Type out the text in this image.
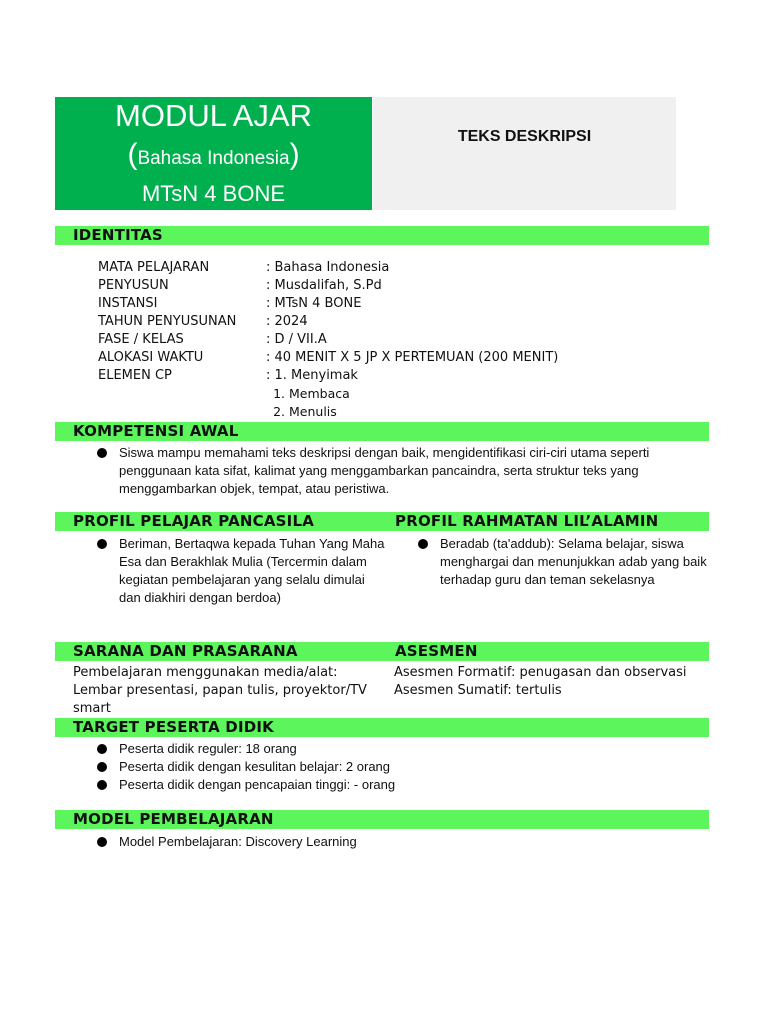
MODUL AJAR
(Bahasa Indonesia)
MTsN 4 BONE
TEKS DESKRIPSI
IDENTITAS
MATA PELAJARAN	: Bahasa Indonesia
PENYUSUN	: Musdalifah, S.Pd
INSTANSI	: MTsN 4 BONE
TAHUN PENYUSUNAN	: 2024
FASE / KELAS	: D / VII.A
ALOKASI WAKTU	: 40 MENIT X 5 JP X PERTEMUAN (200 MENIT)
ELEMEN CP	: 1. Menyimak
1. Membaca
2. Menulis
KOMPETENSI AWAL
Siswa mampu memahami teks deskripsi dengan baik, mengidentifikasi ciri-ciri utama seperti penggunaan kata sifat, kalimat yang menggambarkan pancaindra, serta struktur teks yang menggambarkan objek, tempat, atau peristiwa.
PROFIL PELAJAR PANCASILA	PROFIL RAHMATAN LIL’ALAMIN
Beriman, Bertaqwa kepada Tuhan Yang Maha Esa dan Berakhlak Mulia (Tercermin dalam kegiatan pembelajaran yang selalu dimulai dan diakhiri dengan berdoa)
Beradab (ta'addub): Selama belajar, siswa menghargai dan menunjukkan adab yang baik terhadap guru dan teman sekelasnya
SARANA DAN PRASARANA	ASESMEN
Pembelajaran menggunakan media/alat: Lembar presentasi, papan tulis, proyektor/TV smart
Asesmen Formatif: penugasan dan observasi
Asesmen Sumatif: tertulis
TARGET PESERTA DIDIK
Peserta didik reguler: 18 orang
Peserta didik dengan kesulitan belajar: 2 orang
Peserta didik dengan pencapaian tinggi: - orang
MODEL PEMBELAJARAN
Model Pembelajaran: Discovery Learning
